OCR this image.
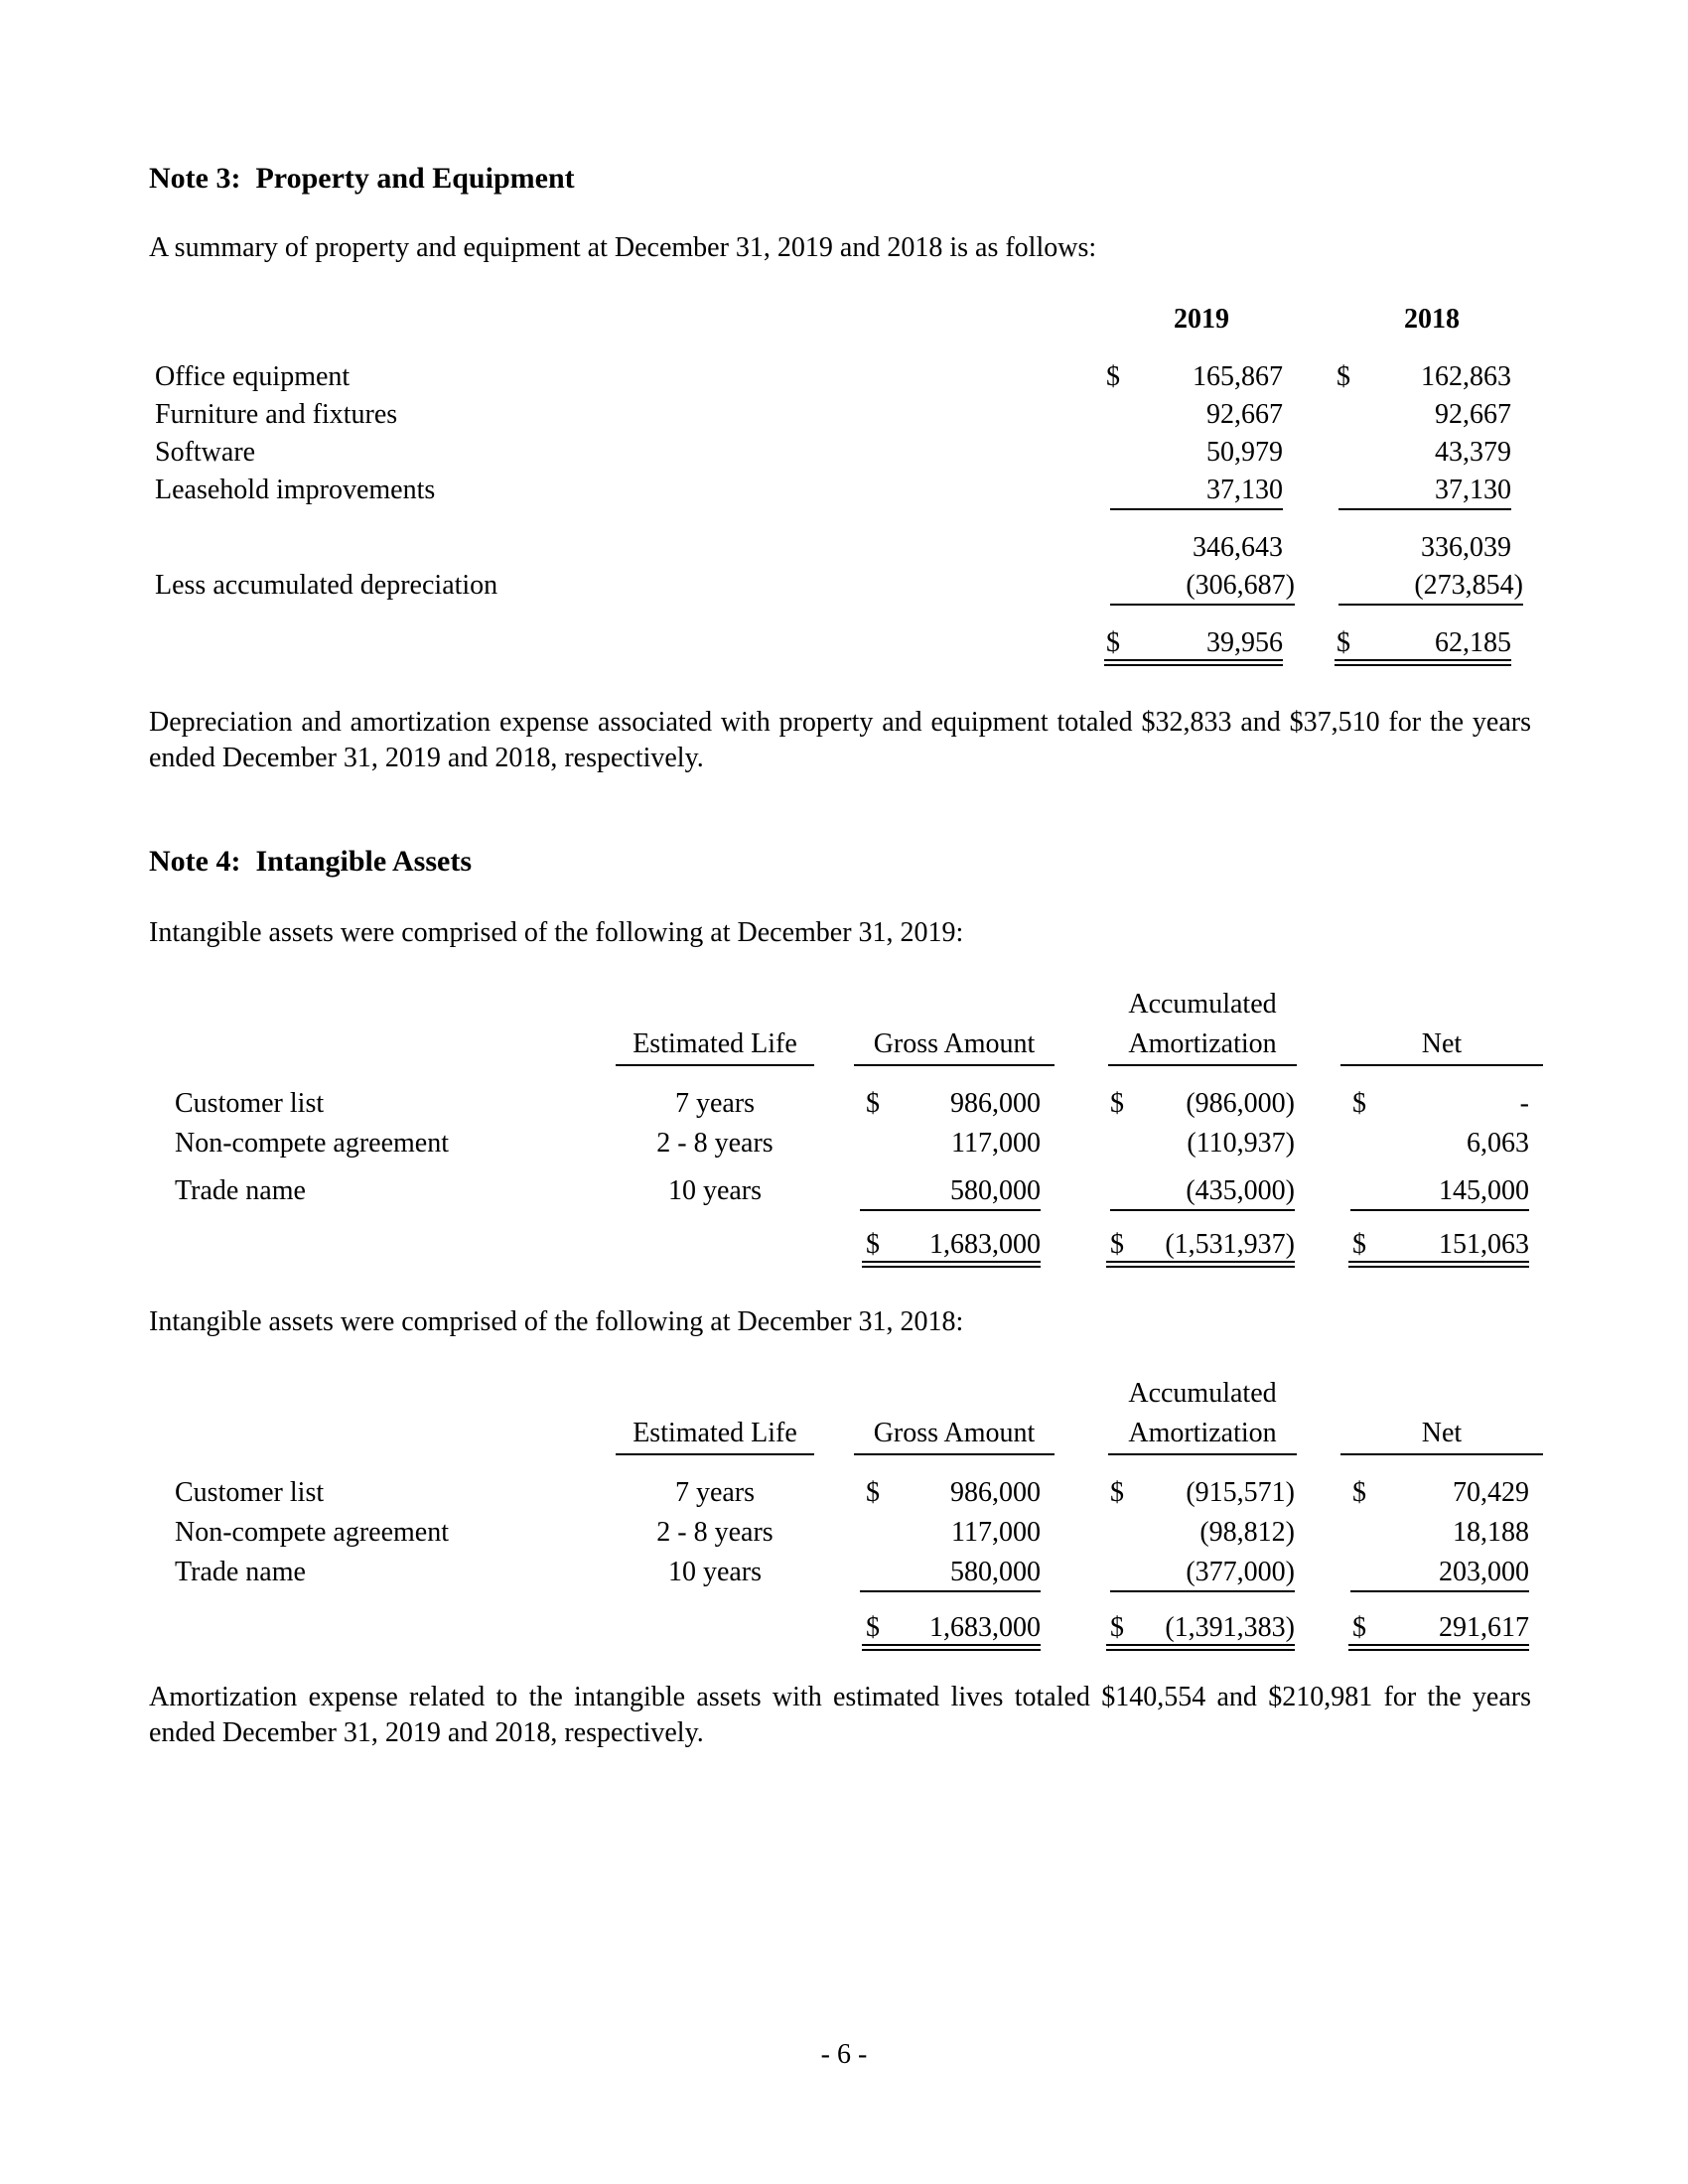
Note 3: Property and Equipment
A summary of property and equipment at December 31, 2019 and 2018 is as follows:
2019	2018
Office equipment	$	165,867 $	162,863
Furniture and fixtures	92,667	92,667
Software	50,979	43,379
Leasehold improvements	37,130	37,130
346,643	336,039
Less accumulated depreciation	(306,687)	(273,854)
$	39,956 $	62,185
Depreciation and amortization expense associated with property and equipment totaled $32,833 and $37,510 for the years ended December 31, 2019 and 2018, respectively.
Note 4: Intangible Assets
Intangible assets were comprised of the following at December 31, 2019:
Estimated Life	Gross Amount
Accumulated
Amortization	Net
Customer list	7 years	$	986,000	$	(986,000) $	-
Non-compete agreement	2 - 8 years	117,000	(110,937)	6,063
Trade name	10 years	580,000	(435,000)	145,000
$	1,683,000	$	(1,531,937) $	151,063
Intangible assets were comprised of the following at December 31, 2018:
Estimated Life	Gross Amount
Accumulated
Amortization	Net
Customer list	7 years	$	986,000	$	(915,571) $	70,429
Non-compete agreement	2 - 8 years	117,000	(98,812)	18,188
Trade name	10 years	580,000	(377,000)	203,000
$	1,683,000	$	(1,391,383) $	291,617
Amortization expense related to the intangible assets with estimated lives totaled $140,554 and $210,981 for the years ended December 31, 2019 and 2018, respectively.
- 6 -
